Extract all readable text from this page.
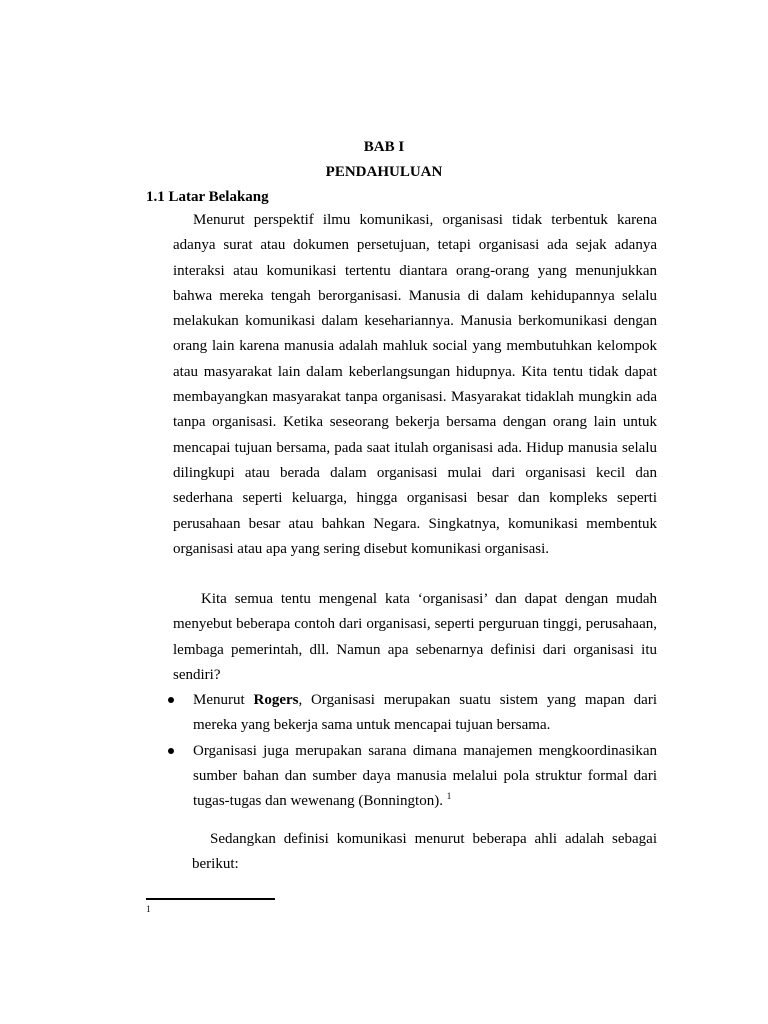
BAB I
PENDAHULUAN
1.1 Latar Belakang

Menurut perspektif ilmu komunikasi, organisasi tidak terbentuk karena adanya surat atau dokumen persetujuan, tetapi organisasi ada sejak adanya interaksi atau komunikasi tertentu diantara orang-orang yang menunjukkan bahwa mereka tengah berorganisasi. Manusia di dalam kehidupannya selalu melakukan komunikasi dalam kesehariannya. Manusia berkomunikasi dengan orang lain karena manusia adalah mahluk social yang membutuhkan kelompok atau masyarakat lain dalam keberlangsungan hidupnya. Kita tentu tidak dapat membayangkan masyarakat tanpa organisasi. Masyarakat tidaklah mungkin ada tanpa organisasi. Ketika seseorang bekerja bersama dengan orang lain untuk mencapai tujuan bersama, pada saat itulah organisasi ada. Hidup manusia selalu dilingkupi atau berada dalam organisasi mulai dari organisasi kecil dan sederhana seperti keluarga, hingga organisasi besar dan kompleks seperti perusahaan besar atau bahkan Negara. Singkatnya, komunikasi membentuk organisasi atau apa yang sering disebut komunikasi organisasi.

Kita semua tentu mengenal kata ‘organisasi’ dan dapat dengan mudah menyebut beberapa contoh dari organisasi, seperti perguruan tinggi, perusahaan, lembaga pemerintah, dll. Namun apa sebenarnya definisi dari organisasi itu sendiri?

Menurut Rogers, Organisasi merupakan suatu sistem yang mapan dari mereka yang bekerja sama untuk mencapai tujuan bersama.
Organisasi juga merupakan sarana dimana manajemen mengkoordinasikan sumber bahan dan sumber daya manusia melalui pola struktur formal dari tugas-tugas dan wewenang (Bonnington). $^1$

Sedangkan definisi komunikasi menurut beberapa ahli adalah sebagai berikut:

1
